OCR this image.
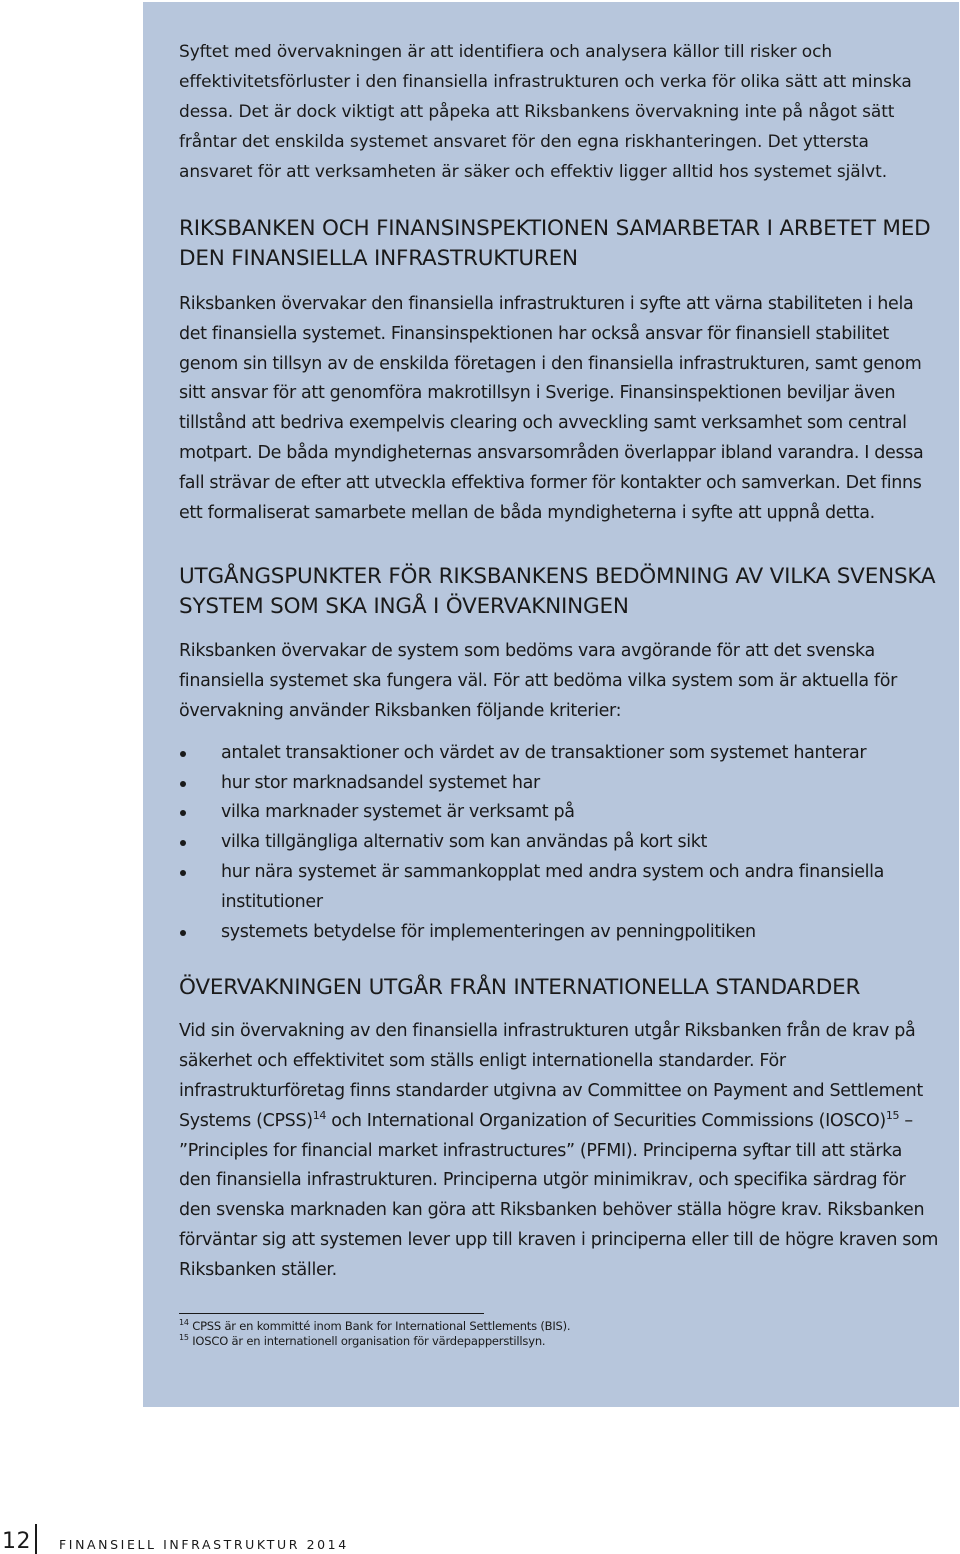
Syftet med övervakningen är att identifiera och analysera källor till risker och effektivitetsförluster i den finansiella infrastrukturen och verka för olika sätt att minska dessa. Det är dock viktigt att påpeka att Riksbankens övervakning inte på något sätt fråntar det enskilda systemet ansvaret för den egna riskhanteringen. Det yttersta ansvaret för att verksamheten är säker och effektiv ligger alltid hos systemet självt.

RIKSBANKEN OCH FINANSINSPEKTIONEN SAMARBETAR I ARBETET MED DEN FINANSIELLA INFRASTRUKTUREN

Riksbanken övervakar den finansiella infrastrukturen i syfte att värna stabiliteten i hela det finansiella systemet. Finansinspektionen har också ansvar för finansiell stabilitet genom sin tillsyn av de enskilda företagen i den finansiella infrastrukturen, samt genom sitt ansvar för att genomföra makrotillsyn i Sverige. Finansinspektionen beviljar även tillstånd att bedriva exempelvis clearing och avveckling samt verksamhet som central motpart. De båda myndigheternas ansvarsområden överlappar ibland varandra. I dessa fall strävar de efter att utveckla effektiva former för kontakter och samverkan. Det finns ett formaliserat samarbete mellan de båda myndigheterna i syfte att uppnå detta.

UTGÅNGSPUNKTER FÖR RIKSBANKENS BEDÖMNING AV VILKA SVENSKA SYSTEM SOM SKA INGÅ I ÖVERVAKNINGEN

Riksbanken övervakar de system som bedöms vara avgörande för att det svenska finansiella systemet ska fungera väl. För att bedöma vilka system som är aktuella för övervakning använder Riksbanken följande kriterier:

antalet transaktioner och värdet av de transaktioner som systemet hanterar
hur stor marknadsandel systemet har
vilka marknader systemet är verksamt på
vilka tillgängliga alternativ som kan användas på kort sikt
hur nära systemet är sammankopplat med andra system och andra finansiella institutioner
systemets betydelse för implementeringen av penningpolitiken
ÖVERVAKNINGEN UTGÅR FRÅN INTERNATIONELLA STANDARDER

Vid sin övervakning av den finansiella infrastrukturen utgår Riksbanken från de krav på säkerhet och effektivitet som ställs enligt internationella standarder. För infrastrukturföretag finns standarder utgivna av Committee on Payment and Settlement Systems (CPSS)$^{14}$ och International Organization of Securities Commissions (IOSCO)$^{15}$ – ”Principles for financial market infrastructures” (PFMI). Principerna syftar till att stärka den finansiella infrastrukturen. Principerna utgör minimikrav, och specifika särdrag för den svenska marknaden kan göra att Riksbanken behöver ställa högre krav. Riksbanken förväntar sig att systemen lever upp till kraven i principerna eller till de högre kraven som Riksbanken ställer.

$^{14}$ CPSS är en kommitté inom Bank for International Settlements (BIS).

$^{15}$ IOSCO är en internationell organisation för värdepapperstillsyn.

12 FINANSIELL INFRASTRUKTUR 2014
